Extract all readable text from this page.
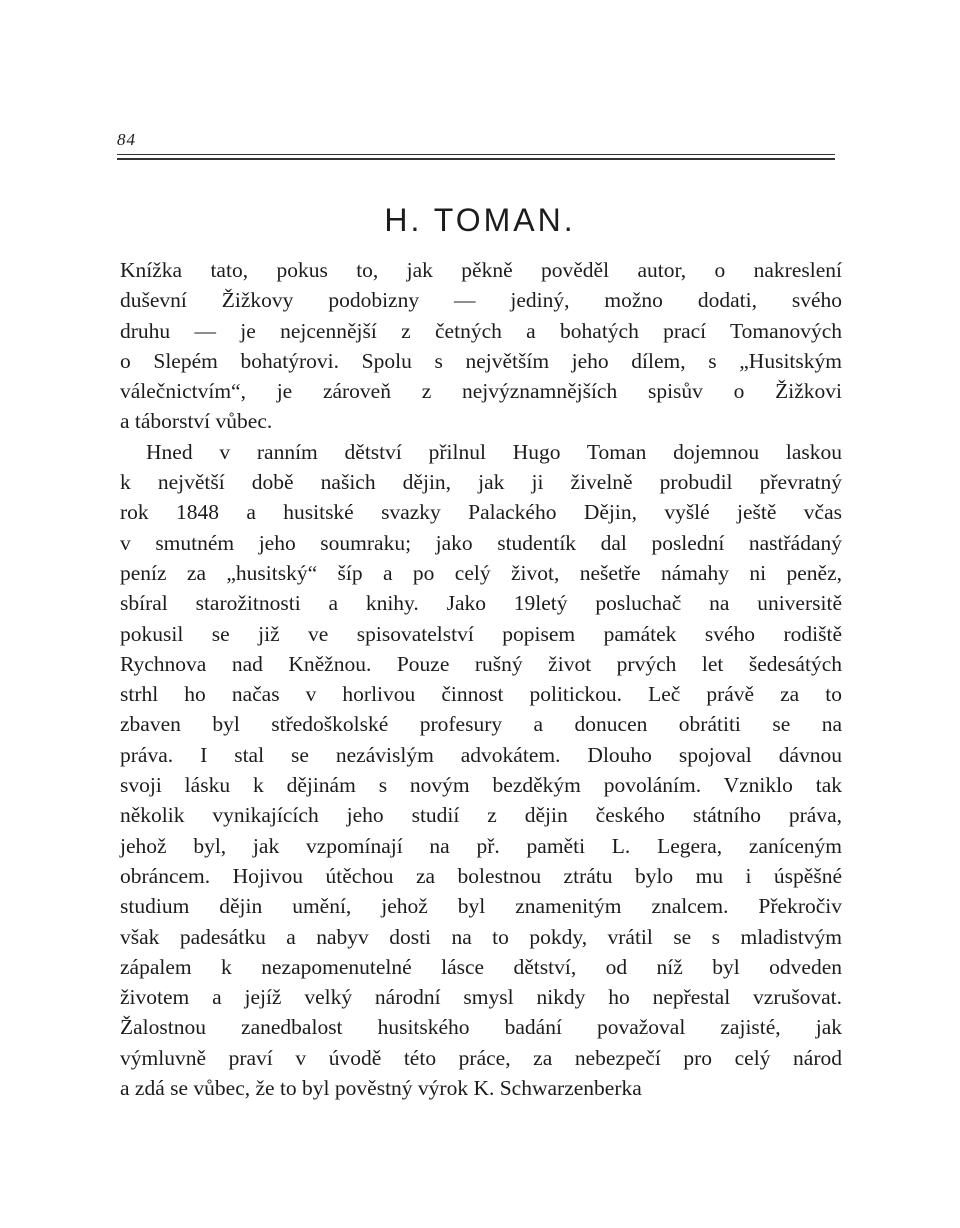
84
H. TOMAN.
Knížka tato, pokus to, jak pěkně pověděl autor, o nakreslení
duševní Žižkovy podobizny — jediný, možno dodati, svého
druhu — je nejcennější z četných a bohatých prací Tomanových
o Slepém bohatýrovi. Spolu s největším jeho dílem, s „Husitským
válečnictvím“, je zároveň z nejvýznamnějších spisův o Žižkovi
a táborství vůbec.
Hned v ranním dětství přilnul Hugo Toman dojemnou laskou
k největší době našich dějin, jak ji živelně probudil převratný
rok 1848 a husitské svazky Palackého Dějin, vyšlé ještě včas
v smutném jeho soumraku; jako studentík dal poslední nastřádaný
peníz za „husitský“ šíp a po celý život, nešetře námahy ni peněz,
sbíral starožitnosti a knihy. Jako 19letý posluchač na universitě
pokusil se již ve spisovatelství popisem památek svého rodiště
Rychnova nad Kněžnou. Pouze rušný život prvých let šedesátých
strhl ho načas v horlivou činnost politickou. Leč právě za to
zbaven byl středoškolské profesury a donucen obrátiti se na
práva. I stal se nezávislým advokátem. Dlouho spojoval dávnou
svoji lásku k dějinám s novým bezděkým povoláním. Vzniklo tak
několik vynikajících jeho studií z dějin českého státního práva,
jehož byl, jak vzpomínají na př. paměti L. Legera, zaníceným
obráncem. Hojivou útěchou za bolestnou ztrátu bylo mu i úspěšné
studium dějin umění, jehož byl znamenitým znalcem. Překročiv
však padesátku a nabyv dosti na to pokdy, vrátil se s mladistvým
zápalem k nezapomenutelné lásce dětství, od níž byl odveden
životem a jejíž velký národní smysl nikdy ho nepřestal vzrušovat.
Žalostnou zanedbalost husitského badání považoval zajisté, jak
výmluvně praví v úvodě této práce, za nebezpečí pro celý národ
a zdá se vůbec, že to byl pověstný výrok K. Schwarzenberka
